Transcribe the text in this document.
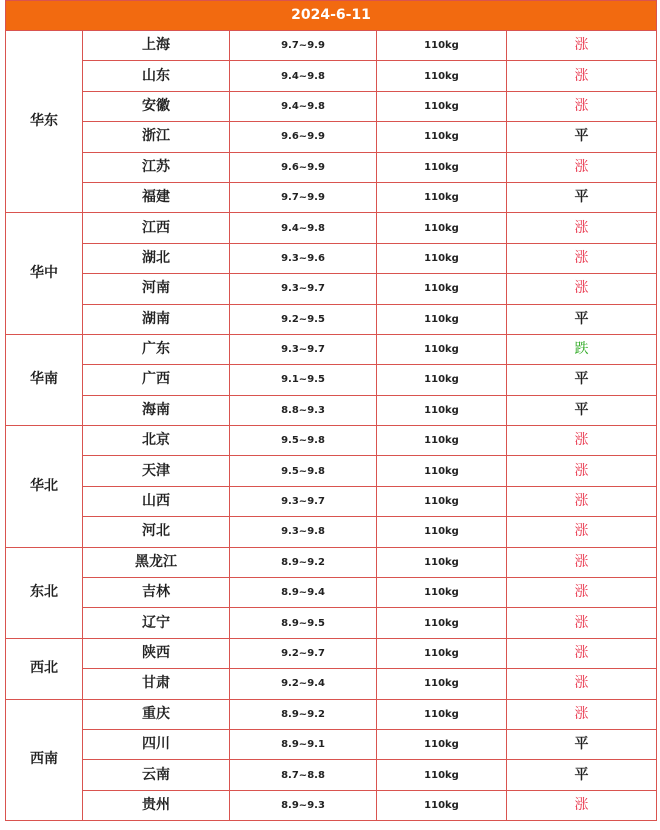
2024-6-11				
华东	上海	9.7~9.9	110kg	涨
	山东	9.4~9.8	110kg	涨
	安徽	9.4~9.8	110kg	涨
	浙江	9.6~9.9	110kg	平
	江苏	9.6~9.9	110kg	涨
	福建	9.7~9.9	110kg	平
华中	江西	9.4~9.8	110kg	涨
	湖北	9.3~9.6	110kg	涨
	河南	9.3~9.7	110kg	涨
	湖南	9.2~9.5	110kg	平
华南	广东	9.3~9.7	110kg	跌
	广西	9.1~9.5	110kg	平
	海南	8.8~9.3	110kg	平
华北	北京	9.5~9.8	110kg	涨
	天津	9.5~9.8	110kg	涨
	山西	9.3~9.7	110kg	涨
	河北	9.3~9.8	110kg	涨
东北	黑龙江	8.9~9.2	110kg	涨
	吉林	8.9~9.4	110kg	涨
	辽宁	8.9~9.5	110kg	涨
西北	陕西	9.2~9.7	110kg	涨
	甘肃	9.2~9.4	110kg	涨
西南	重庆	8.9~9.2	110kg	涨
	四川	8.9~9.1	110kg	平
	云南	8.7~8.8	110kg	平
	贵州	8.9~9.3	110kg	涨
